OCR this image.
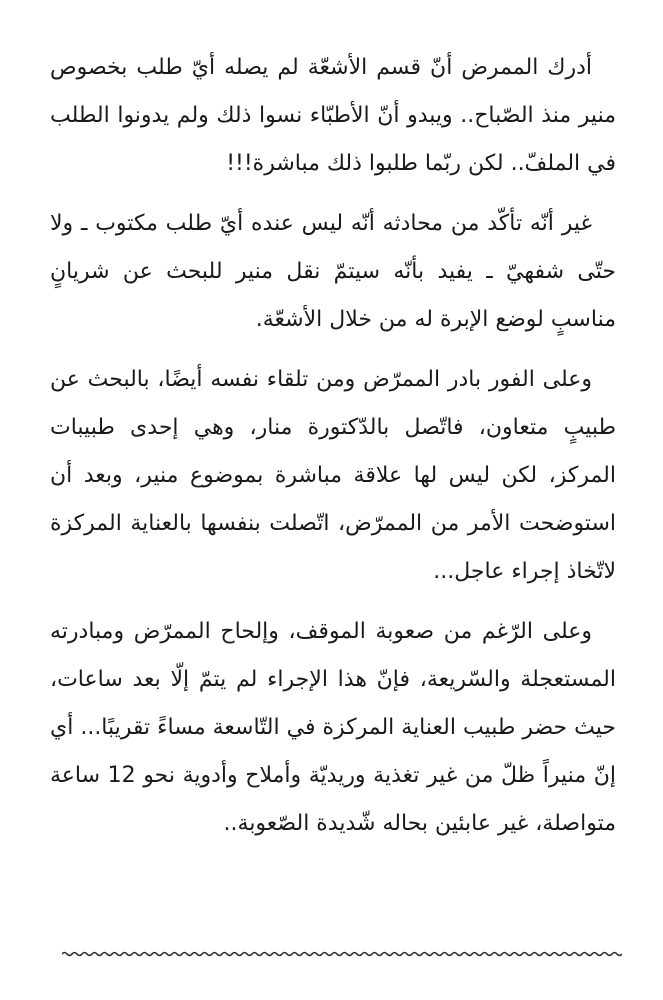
أدرك الممرض أنّ قسم الأشعّة لم يصله أيّ طلب بخصوص منير منذ الصّباح.. ويبدو أنّ الأطبّاء نسوا ذلك ولم يدونوا الطلب في الملفّ.. لكن ربّما طلبوا ذلك مباشرة!!!

غير أنّه تأكّد من محادثه أنّه ليس عنده أيّ طلب مكتوب ـ ولا حتّى شفهيّ ـ يفيد بأنّه سيتمّ نقل منير للبحث عن شريانٍ مناسبٍ لوضع الإبرة له من خلال الأشعّة.

وعلى الفور بادر الممرّض ومن تلقاء نفسه أيضًا، بالبحث عن طبيبٍ متعاون، فاتّصل بالدّكتورة منار، وهي إحدى طبيبات المركز، لكن ليس لها علاقة مباشرة بموضوع منير، وبعد أن استوضحت الأمر من الممرّض، اتّصلت بنفسها بالعناية المركزة لاتّخاذ إجراء عاجل...

وعلى الرّغم من صعوبة الموقف، وإلحاح الممرّض ومبادرته المستعجلة والسّريعة، فإنّ هذا الإجراء لم يتمّ إلّا بعد ساعات، حيث حضر طبيب العناية المركزة في التّاسعة مساءً تقريبًا... أي إنّ منيراً ظلّ من غير تغذية وريديّة وأملاح وأدوية نحو 12 ساعة متواصلة، غير عابئين بحاله شّديدة الصّعوبة..
